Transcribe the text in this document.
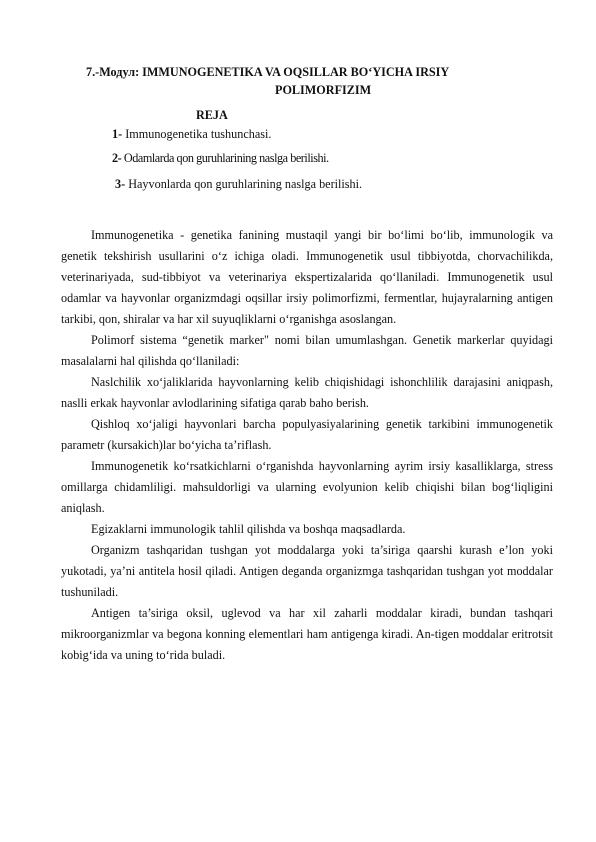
7.-Модул: IMMUNOGENETIKA VA OQSILLAR BO‘YICHA IRSIY
POLIMORFIZIM
REJA
1- Immunogenetika tushunchasi.
2- Odamlarda qon guruhlarining naslga berilishi.
3- Hayvonlarda qon guruhlarining naslga berilishi.

Immunogenetika - genetika fanining mustaqil yangi bir bo‘limi bo‘lib, immunologik va genetik tekshirish usullarini o‘z ichiga oladi. Immunogenetik usul tibbiyotda, chorvachilikda, veterinariyada, sud-tibbiyot va veterinariya ekspertizalarida qo‘llaniladi. Immunogenetik usul odamlar va hayvonlar organizmdagi oqsillar irsiy polimorfizmi, fermentlar, hujayralarning antigen tarkibi, qon, shiralar va har xil suyuqliklarni o‘rganishga asoslangan.

Polimorf sistema “genetik marker" nomi bilan umumlashgan. Genetik markerlar quyidagi masalalarni hal qilishda qo‘llaniladi:

Naslchilik xo‘jaliklarida hayvonlarning kelib chiqishidagi ishonchlilik darajasini aniqpash, naslli erkak hayvonlar avlodlarining sifatiga qarab baho berish.

Qishloq xo‘jaligi hayvonlari barcha populyasiyalarining genetik tarkibini immunogenetik parametr (kursakich)lar bo‘yicha ta’riflash.

Immunogenetik ko‘rsatkichlarni o‘rganishda hayvonlarning ayrim irsiy kasalliklarga, stress omillarga chidamliligi. mahsuldorligi va ularning evolyunion kelib chiqishi bilan bog‘liqligini aniqlash.

Egizaklarni immunologik tahlil qilishda va boshqa maqsadlarda.

Organizm tashqaridan tushgan yot moddalarga yoki ta’siriga qaarshi kurash e’lon yoki yukotadi, ya’ni antitela hosil qiladi. Antigen deganda organizmga tashqaridan tushgan yot moddalar tushuniladi.

Antigen ta’siriga oksil, uglevod va har xil zaharli moddalar kiradi, bundan tashqari mikroorganizmlar va begona konning elementlari ham antigenga kiradi. An-tigen moddalar eritrotsit kobig‘ida va uning to‘rida buladi.
